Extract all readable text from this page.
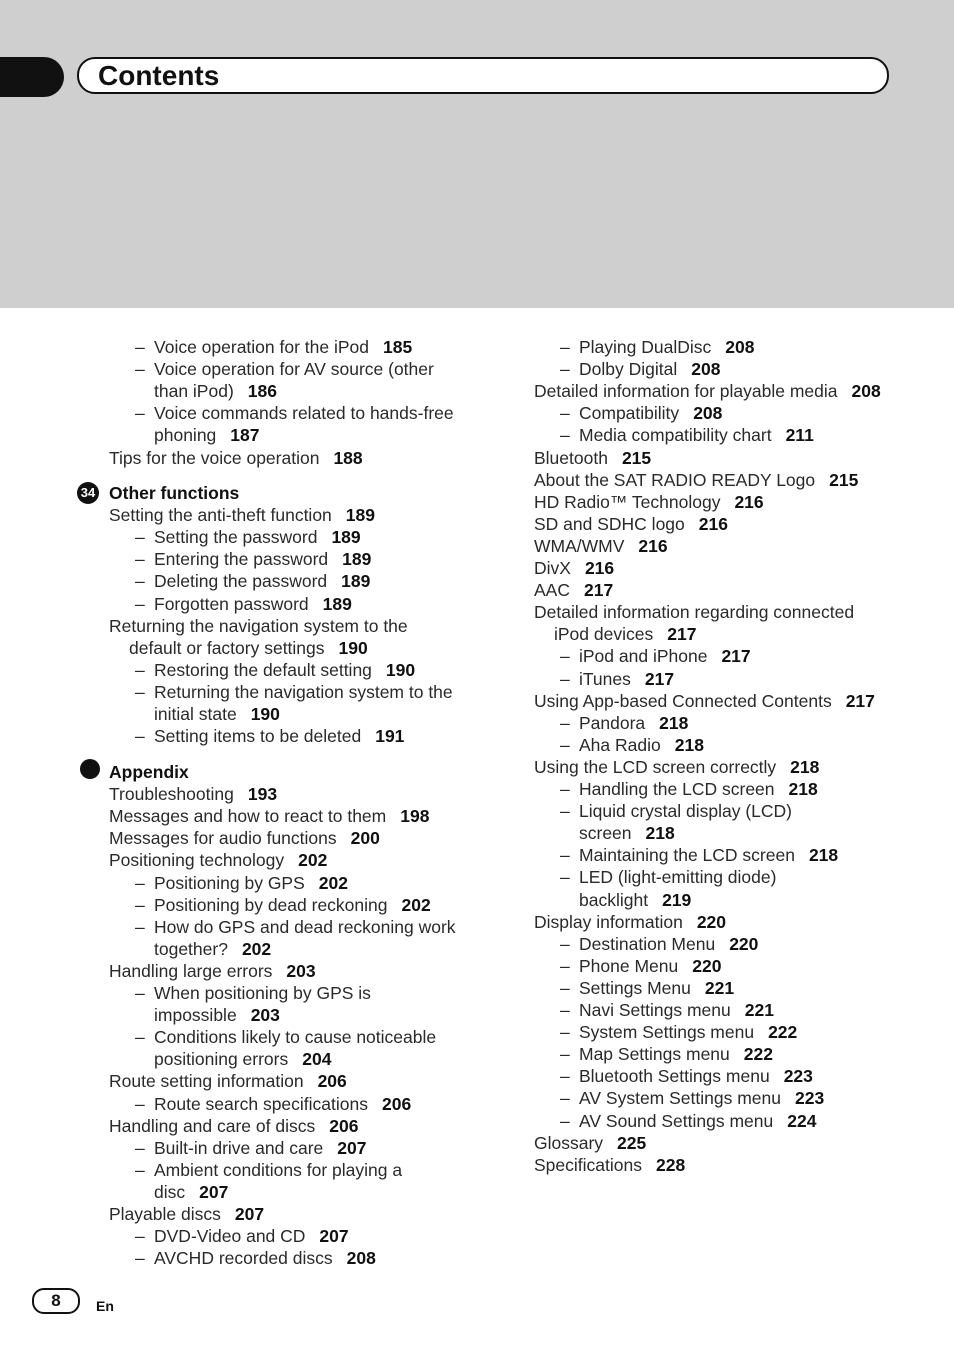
Contents
– Voice operation for the iPod 185
– Voice operation for AV source (other
than iPod) 186
– Voice commands related to hands-free
phoning 187
Tips for the voice operation 188
34 Other functions
Setting the anti-theft function 189
– Setting the password 189
– Entering the password 189
– Deleting the password 189
– Forgotten password 189
Returning the navigation system to the
default or factory settings 190
– Restoring the default setting 190
– Returning the navigation system to the
initial state 190
– Setting items to be deleted 191
Appendix
Troubleshooting 193
Messages and how to react to them 198
Messages for audio functions 200
Positioning technology 202
– Positioning by GPS 202
– Positioning by dead reckoning 202
– How do GPS and dead reckoning work
together? 202
Handling large errors 203
– When positioning by GPS is
impossible 203
– Conditions likely to cause noticeable
positioning errors 204
Route setting information 206
– Route search specifications 206
Handling and care of discs 206
– Built-in drive and care 207
– Ambient conditions for playing a
disc 207
Playable discs 207
– DVD-Video and CD 207
– AVCHD recorded discs 208
– Playing DualDisc 208
– Dolby Digital 208
Detailed information for playable media 208
– Compatibility 208
– Media compatibility chart 211
Bluetooth 215
About the SAT RADIO READY Logo 215
HD Radio™ Technology 216
SD and SDHC logo 216
WMA/WMV 216
DivX 216
AAC 217
Detailed information regarding connected
iPod devices 217
– iPod and iPhone 217
– iTunes 217
Using App-based Connected Contents 217
– Pandora 218
– Aha Radio 218
Using the LCD screen correctly 218
– Handling the LCD screen 218
– Liquid crystal display (LCD)
screen 218
– Maintaining the LCD screen 218
– LED (light-emitting diode)
backlight 219
Display information 220
– Destination Menu 220
– Phone Menu 220
– Settings Menu 221
– Navi Settings menu 221
– System Settings menu 222
– Map Settings menu 222
– Bluetooth Settings menu 223
– AV System Settings menu 223
– AV Sound Settings menu 224
Glossary 225
Specifications 228
8	En
